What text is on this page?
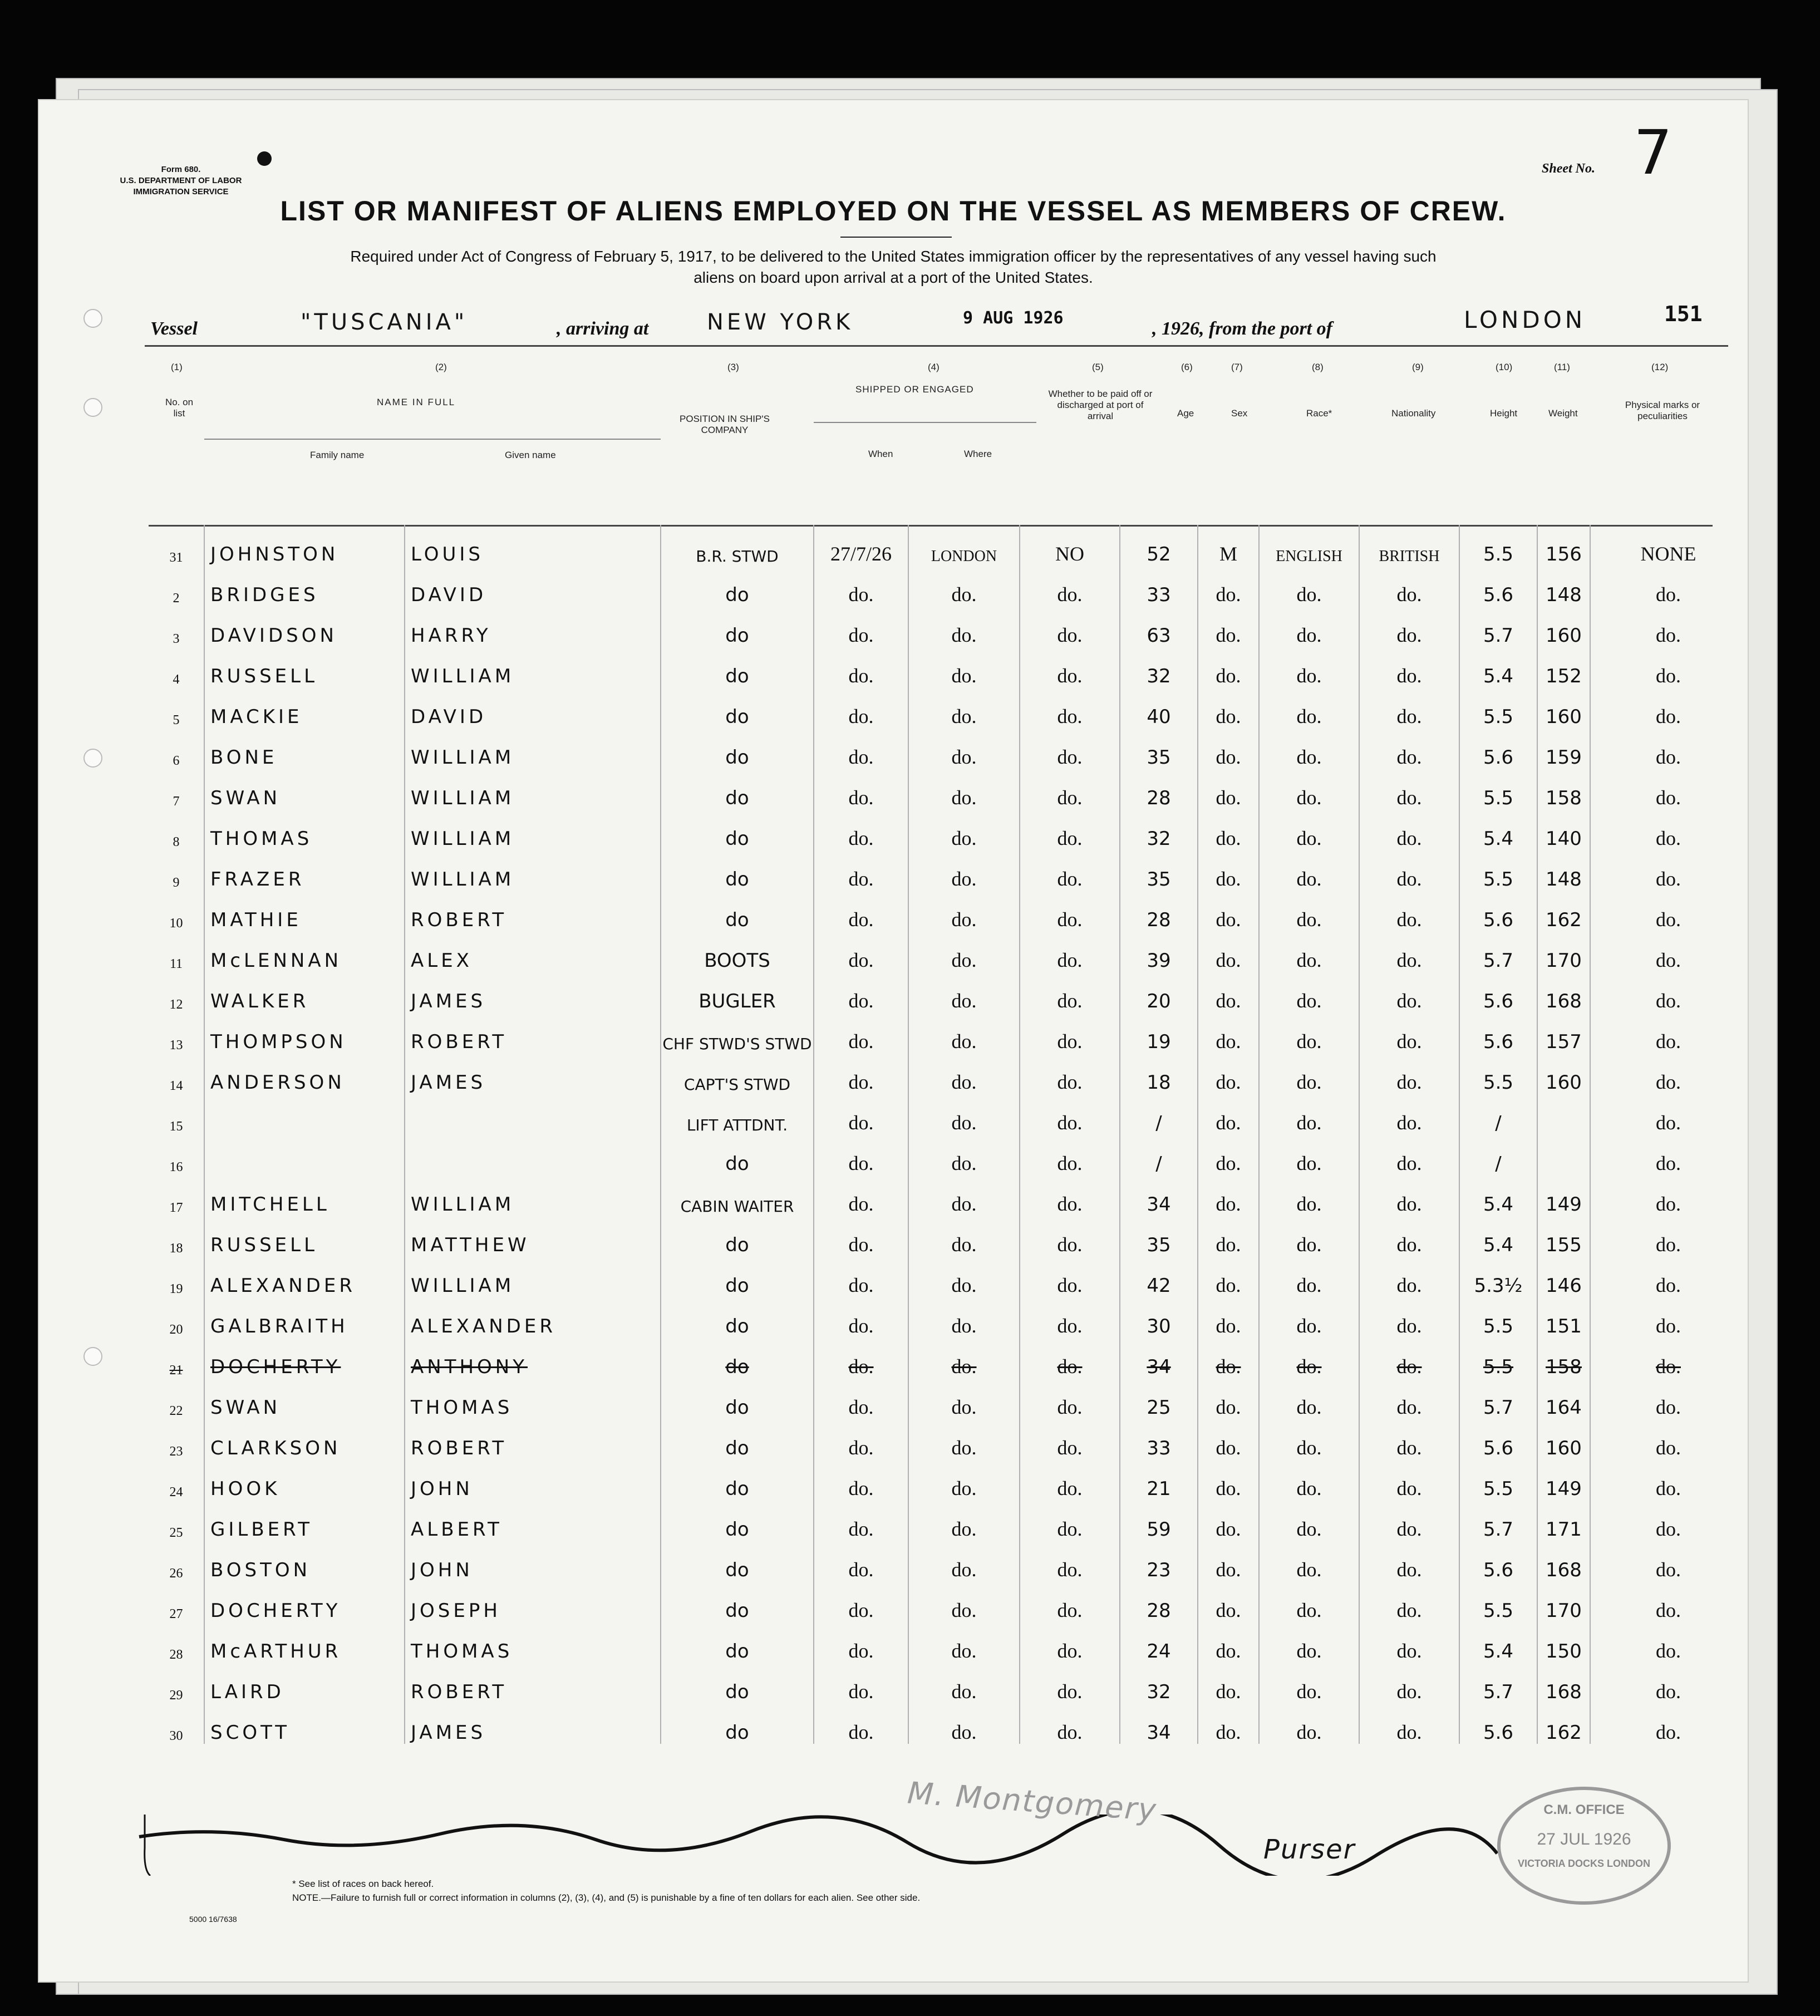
Form 680.
U.S. DEPARTMENT OF LABOR
IMMIGRATION SERVICE
Sheet No. 7
LIST OR MANIFEST OF ALIENS EMPLOYED ON THE VESSEL AS MEMBERS OF CREW.
Required under Act of Congress of February 5, 1917, to be delivered to the United States immigration officer by the representatives of any vessel having such
aliens on board upon arrival at a port of the United States.
Vessel	"TUSCANIA"	, arriving at	NEW YORK	9 AUG 1926
, 1926, from the port of	LONDON	151
(1)
No. on list
(2)
NAME IN FULL
Family name	Given name
(3)
POSITION IN SHIP'S COMPANY
(4)
SHIPPED OR ENGAGED
When	Where
(5)
Whether to be paid off or discharged at port of arrival
(6)
Age
(7)
Sex
(8)
Race*
(9)
Nationality
(10)
Height
(11)
Weight
(12)
Physical marks or peculiarities

31	JOHNSTON	LOUIS	B.R. STWD	27/7/26	LONDON	NO	52	M	ENGLISH	BRITISH	5.5	156	NONE
2	BRIDGES	DAVID	do	do.	do.	do.	33	do.	do.	do.	5.6	148	do.
3	DAVIDSON	HARRY	do	do.	do.	do.	63	do.	do.	do.	5.7	160	do.
4	RUSSELL	WILLIAM	do	do.	do.	do.	32	do.	do.	do.	5.4	152	do.
5	MACKIE	DAVID	do	do.	do.	do.	40	do.	do.	do.	5.5	160	do.
6	BONE	WILLIAM	do	do.	do.	do.	35	do.	do.	do.	5.6	159	do.
7	SWAN	WILLIAM	do	do.	do.	do.	28	do.	do.	do.	5.5	158	do.
8	THOMAS	WILLIAM	do	do.	do.	do.	32	do.	do.	do.	5.4	140	do.
9	FRAZER	WILLIAM	do	do.	do.	do.	35	do.	do.	do.	5.5	148	do.
10	MATHIE	ROBERT	do	do.	do.	do.	28	do.	do.	do.	5.6	162	do.
11	McLENNAN	ALEX	BOOTS	do.	do.	do.	39	do.	do.	do.	5.7	170	do.
12	WALKER	JAMES	BUGLER	do.	do.	do.	20	do.	do.	do.	5.6	168	do.
13	THOMPSON	ROBERT	CHF STWD'S STWD	do.	do.	do.	19	do.	do.	do.	5.6	157	do.
14	ANDERSON	JAMES	CAPT'S STWD	do.	do.	do.	18	do.	do.	do.	5.5	160	do.
15			LIFT ATTDNT.	do.	do.	do.	/	do.	do.	do.	/		do.
16			do	do.	do.	do.	/	do.	do.	do.	/		do.
17	MITCHELL	WILLIAM	CABIN WAITER	do.	do.	do.	34	do.	do.	do.	5.4	149	do.
18	RUSSELL	MATTHEW	do	do.	do.	do.	35	do.	do.	do.	5.4	155	do.
19	ALEXANDER	WILLIAM	do	do.	do.	do.	42	do.	do.	do.	5.3½	146	do.
20	GALBRAITH	ALEXANDER	do	do.	do.	do.	30	do.	do.	do.	5.5	151	do.
21	DOCHERTY	ANTHONY	do	do.	do.	do.	34	do.	do.	do.	5.5	158	do.
22	SWAN	THOMAS	do	do.	do.	do.	25	do.	do.	do.	5.7	164	do.
23	CLARKSON	ROBERT	do	do.	do.	do.	33	do.	do.	do.	5.6	160	do.
24	HOOK	JOHN	do	do.	do.	do.	21	do.	do.	do.	5.5	149	do.
25	GILBERT	ALBERT	do	do.	do.	do.	59	do.	do.	do.	5.7	171	do.
26	BOSTON	JOHN	do	do.	do.	do.	23	do.	do.	do.	5.6	168	do.
27	DOCHERTY	JOSEPH	do	do.	do.	do.	28	do.	do.	do.	5.5	170	do.
28	McARTHUR	THOMAS	do	do.	do.	do.	24	do.	do.	do.	5.4	150	do.
29	LAIRD	ROBERT	do	do.	do.	do.	32	do.	do.	do.	5.7	168	do.
30	SCOTT	JAMES	do	do.	do.	do.	34	do.	do.	do.	5.6	162	do.
M. Montgomery
Purser
C.M. OFFICE
27 JUL 1926
VICTORIA DOCKS LONDON
* See list of races on back hereof.
NOTE.—Failure to furnish full or correct information in columns (2), (3), (4), and (5) is punishable by a fine of ten dollars for each alien. See other side.
5000 16/7638
